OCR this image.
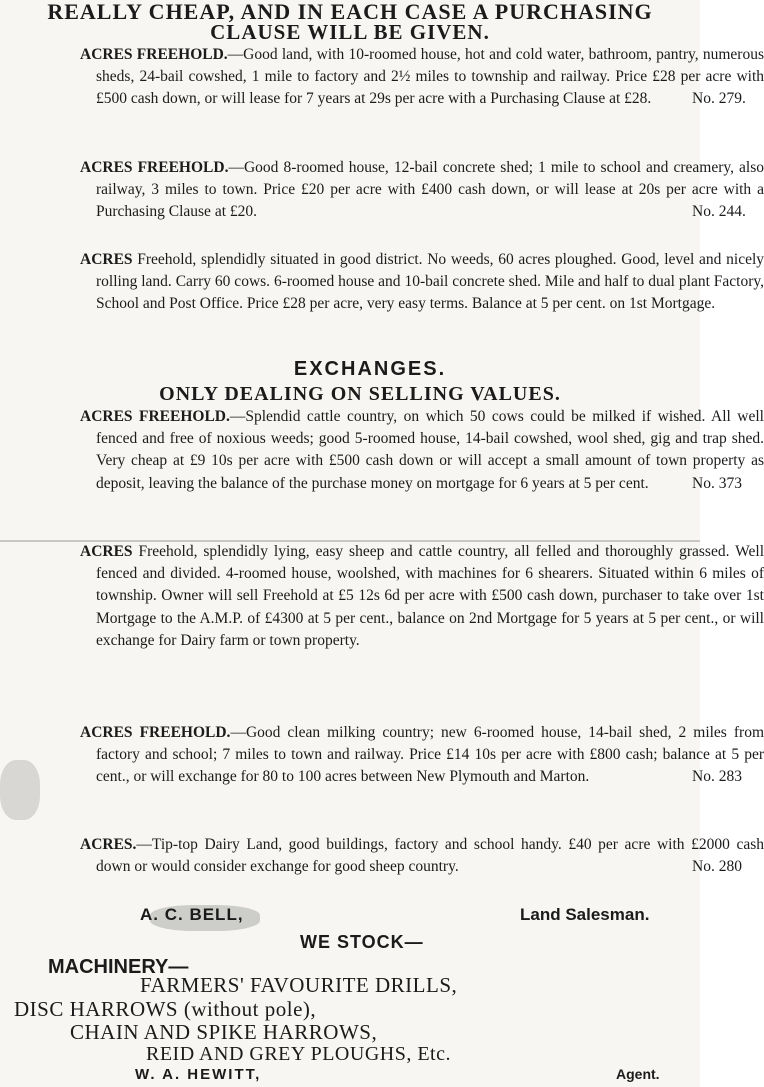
REALLY CHEAP, AND IN EACH CASE A PURCHASING
CLAUSE WILL BE GIVEN.
ACRES FREEHOLD.—Good land, with 10-roomed house, hot and cold water, bathroom, pantry, numerous sheds, 24-bail cowshed, 1 mile to factory and 2½ miles to township and railway. Price £28 per acre with £500 cash down, or will lease for 7 years at 29s per acre with a Purchasing Clause at £28.	No. 279.
ACRES FREEHOLD.—Good 8-roomed house, 12-bail concrete shed; 1 mile to school and creamery, also railway, 3 miles to town. Price £20 per acre with £400 cash down, or will lease at 20s per acre with a Purchasing Clause at £20.	No. 244.
ACRES Freehold, splendidly situated in good district. No weeds, 60 acres ploughed. Good, level and nicely rolling land. Carry 60 cows. 6-roomed house and 10-bail concrete shed. Mile and half to dual plant Factory, School and Post Office. Price £28 per acre, very easy terms. Balance at 5 per cent. on 1st Mortgage.
EXCHANGES.
ONLY DEALING ON SELLING VALUES.
ACRES FREEHOLD.—Splendid cattle country, on which 50 cows could be milked if wished. All well fenced and free of noxious weeds; good 5-roomed house, 14-bail cowshed, wool shed, gig and trap shed. Very cheap at £9 10s per acre with £500 cash down or will accept a small amount of town property as deposit, leaving the balance of the purchase money on mortgage for 6 years at 5 per cent.	No. 373
ACRES Freehold, splendidly lying, easy sheep and cattle country, all felled and thoroughly grassed. Well fenced and divided. 4-roomed house, woolshed, with machines for 6 shearers. Situated within 6 miles of township. Owner will sell Freehold at £5 12s 6d per acre with £500 cash down, purchaser to take over 1st Mortgage to the A.M.P. of £4300 at 5 per cent., balance on 2nd Mortgage for 5 years at 5 per cent., or will exchange for Dairy farm or town property.
ACRES FREEHOLD.—Good clean milking country; new 6-roomed house, 14-bail shed, 2 miles from factory and school; 7 miles to town and railway. Price £14 10s per acre with £800 cash; balance at 5 per cent., or will exchange for 80 to 100 acres between New Plymouth and Marton.	No. 283
ACRES.—Tip-top Dairy Land, good buildings, factory and school handy. £40 per acre with £2000 cash down or would consider exchange for good sheep country.	No. 280
A. C. BELL,	Land Salesman.
WE STOCK—
MACHINERY—
FARMERS' FAVOURITE DRILLS,
DISC HARROWS (without pole),
CHAIN AND SPIKE HARROWS,
REID AND GREY PLOUGHS, Etc.
W. A. HEWITT,	Agent.
